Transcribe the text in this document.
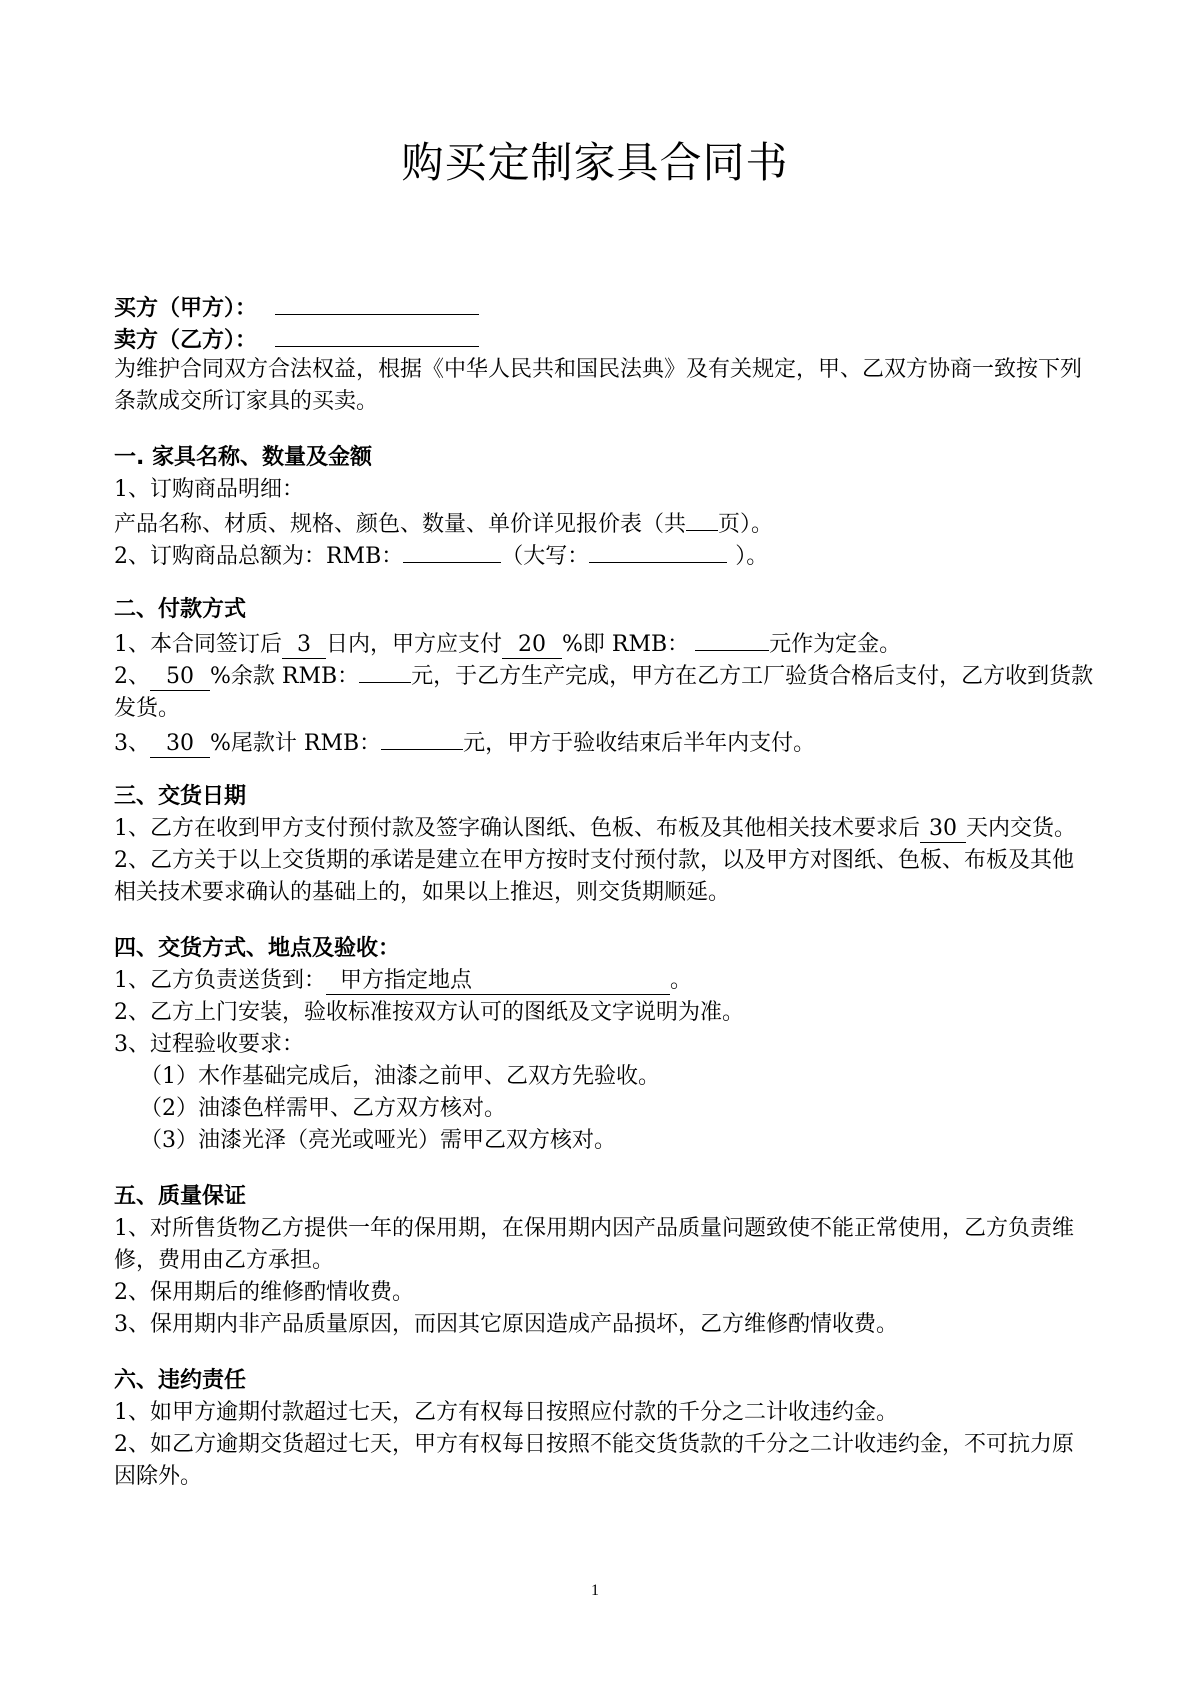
购买定制家具合同书
买方（甲方）：
卖方（乙方）：
为维护合同双方合法权益，根据《中华人民共和国民法典》及有关规定，甲、乙双方协商一致按下列条款成交所订家具的买卖。
一. 家具名称、数量及金额
1、订购商品明细：
产品名称、材质、规格、颜色、数量、单价详见报价表（共 页）。
2、订购商品总额为：RMB：	（大写：	）。
二、付款方式
1、本合同签订后 3 日内，甲方应支付 20 %即 RMB：	元作为定金。
2、 50 %余款 RMB： 元，于乙方生产完成，甲方在乙方工厂验货合格后支付，乙方收到货款发货。
3、 30 %尾款计 RMB：	元，甲方于验收结束后半年内支付。
三、交货日期
1、乙方在收到甲方支付预付款及签字确认图纸、色板、布板及其他相关技术要求后 30 天内交货。
2、乙方关于以上交货期的承诺是建立在甲方按时支付预付款，以及甲方对图纸、色板、布板及其他相关技术要求确认的基础上的，如果以上推迟，则交货期顺延。
四、交货方式、地点及验收：
1、乙方负责送货到： 甲方指定地点	。
2、乙方上门安装，验收标准按双方认可的图纸及文字说明为准。
3、过程验收要求：
（1）木作基础完成后，油漆之前甲、乙双方先验收。
（2）油漆色样需甲、乙方双方核对。
（3）油漆光泽（亮光或哑光）需甲乙双方核对。
五、质量保证
1、对所售货物乙方提供一年的保用期，在保用期内因产品质量问题致使不能正常使用，乙方负责维修，费用由乙方承担。
2、保用期后的维修酌情收费。
3、保用期内非产品质量原因，而因其它原因造成产品损坏，乙方维修酌情收费。
六、违约责任
1、如甲方逾期付款超过七天，乙方有权每日按照应付款的千分之二计收违约金。
2、如乙方逾期交货超过七天，甲方有权每日按照不能交货货款的千分之二计收违约金，不可抗力原因除外。
1
